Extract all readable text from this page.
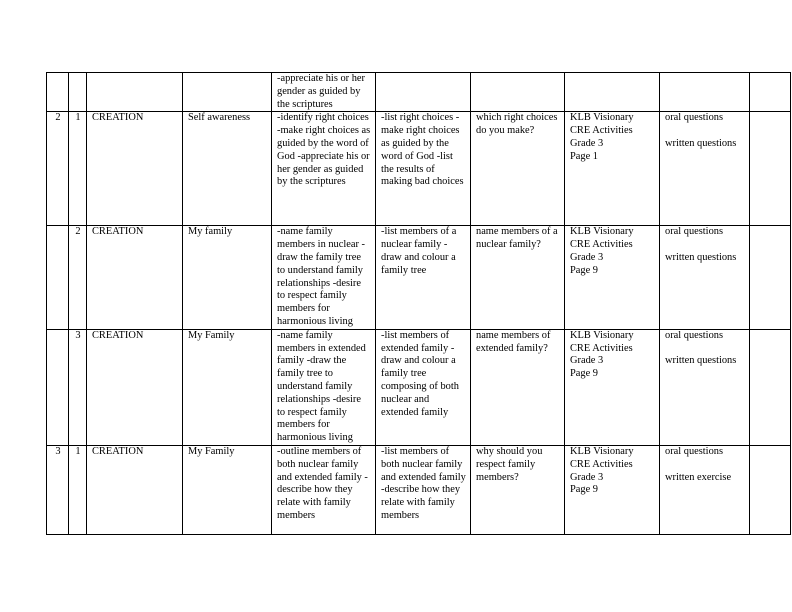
				-appreciate his or her gender as guided by the scriptures					
2	1	CREATION	Self awareness	-identify right choices -make right choices as guided by the word of God -appreciate his or her gender as guided by the scriptures	-list right choices -make right choices as guided by the word of God -list the results of making bad choices	which right choices do you make?	KLB Visionary
CRE Activities
Grade 3
Page 1	oral questions
written questions	

	2	CREATION	My family	-name family members in nuclear -draw the family tree to understand family relationships -desire to respect family members for harmonious living	-list members of a nuclear family -draw and colour a family tree	name members of a nuclear family?	KLB Visionary
CRE Activities
Grade 3
Page 9	oral questions
written questions	

	3	CREATION	My Family	-name family members in extended family -draw the family tree to understand family relationships -desire to respect family members for harmonious living	-list members of extended family -draw and colour a family tree composing of both nuclear and extended family	name members of extended family?	KLB Visionary
CRE Activities
Grade 3
Page 9	oral questions
written questions	

3	1	CREATION	My Family	-outline members of both nuclear family and extended family -describe how they relate with family members	-list members of both nuclear family and extended family -describe how they relate with family members	why should you respect family members?	KLB Visionary
CRE Activities
Grade 3
Page 9	oral questions
written exercise	
